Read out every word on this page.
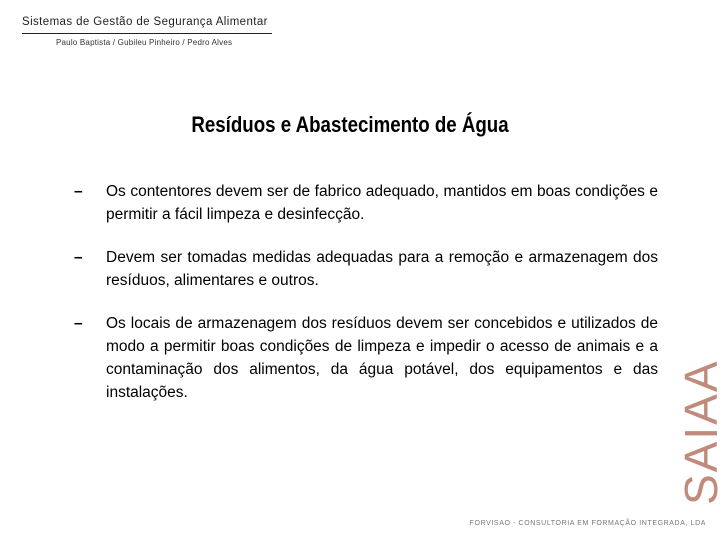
Sistemas de Gestão de Segurança Alimentar
Paulo Baptista / Gubileu Pinheiro / Pedro Alves
Resíduos e Abastecimento de Água
– Os contentores devem ser de fabrico adequado, mantidos em boas condições e permitir a fácil limpeza e desinfecção.
– Devem ser tomadas medidas adequadas para a remoção e armazenagem dos resíduos, alimentares e outros.
– Os locais de armazenagem dos resíduos devem ser concebidos e utilizados de modo a permitir boas condições de limpeza e impedir o acesso de animais e a contaminação dos alimentos, da água potável, dos equipamentos e das instalações.	SAIAA
FORVISAO - CONSULTORIA EM FORMAÇÃO INTEGRADA, LDA
